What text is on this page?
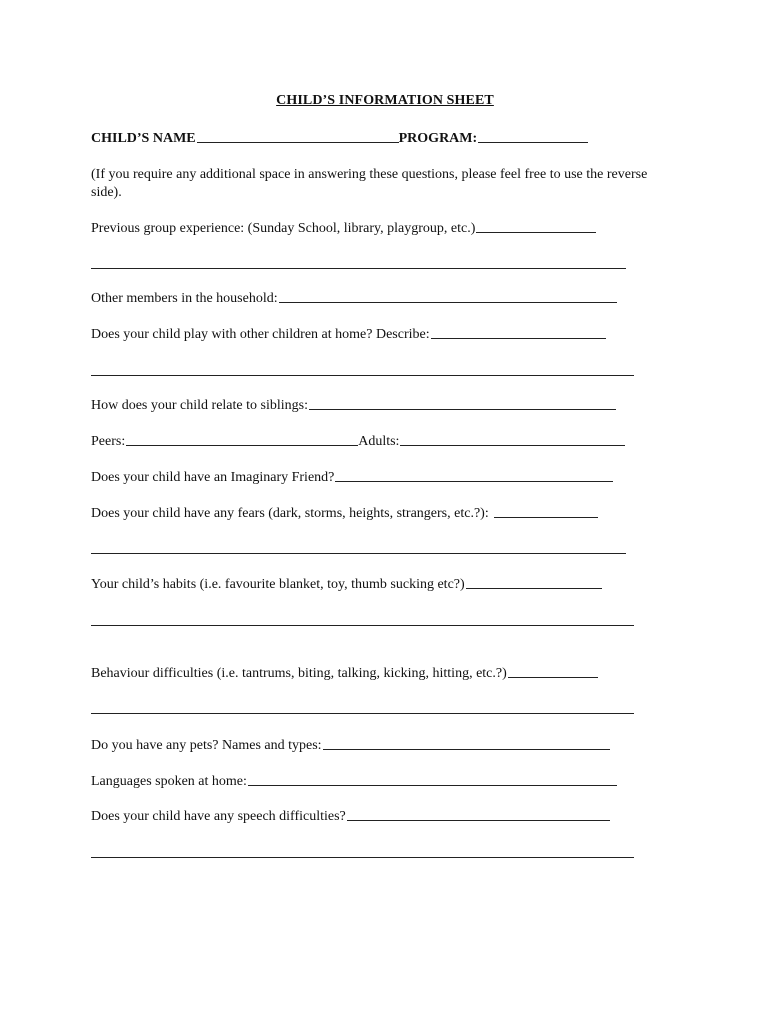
CHILD’S INFORMATION SHEET
CHILD’S NAME	PROGRAM:
(If you require any additional space in answering these questions, please feel free to use the reverse side).
Previous group experience: (Sunday School, library, playgroup, etc.)
Other members in the household:
Does your child play with other children at home? Describe:
How does your child relate to siblings:
Peers:	Adults:
Does your child have an Imaginary Friend?
Does your child have any fears (dark, storms, heights, strangers, etc.?):
Your child’s habits (i.e. favourite blanket, toy, thumb sucking etc?)
Behaviour difficulties (i.e. tantrums, biting, talking, kicking, hitting, etc.?)
Do you have any pets? Names and types:
Languages spoken at home:
Does your child have any speech difficulties?
